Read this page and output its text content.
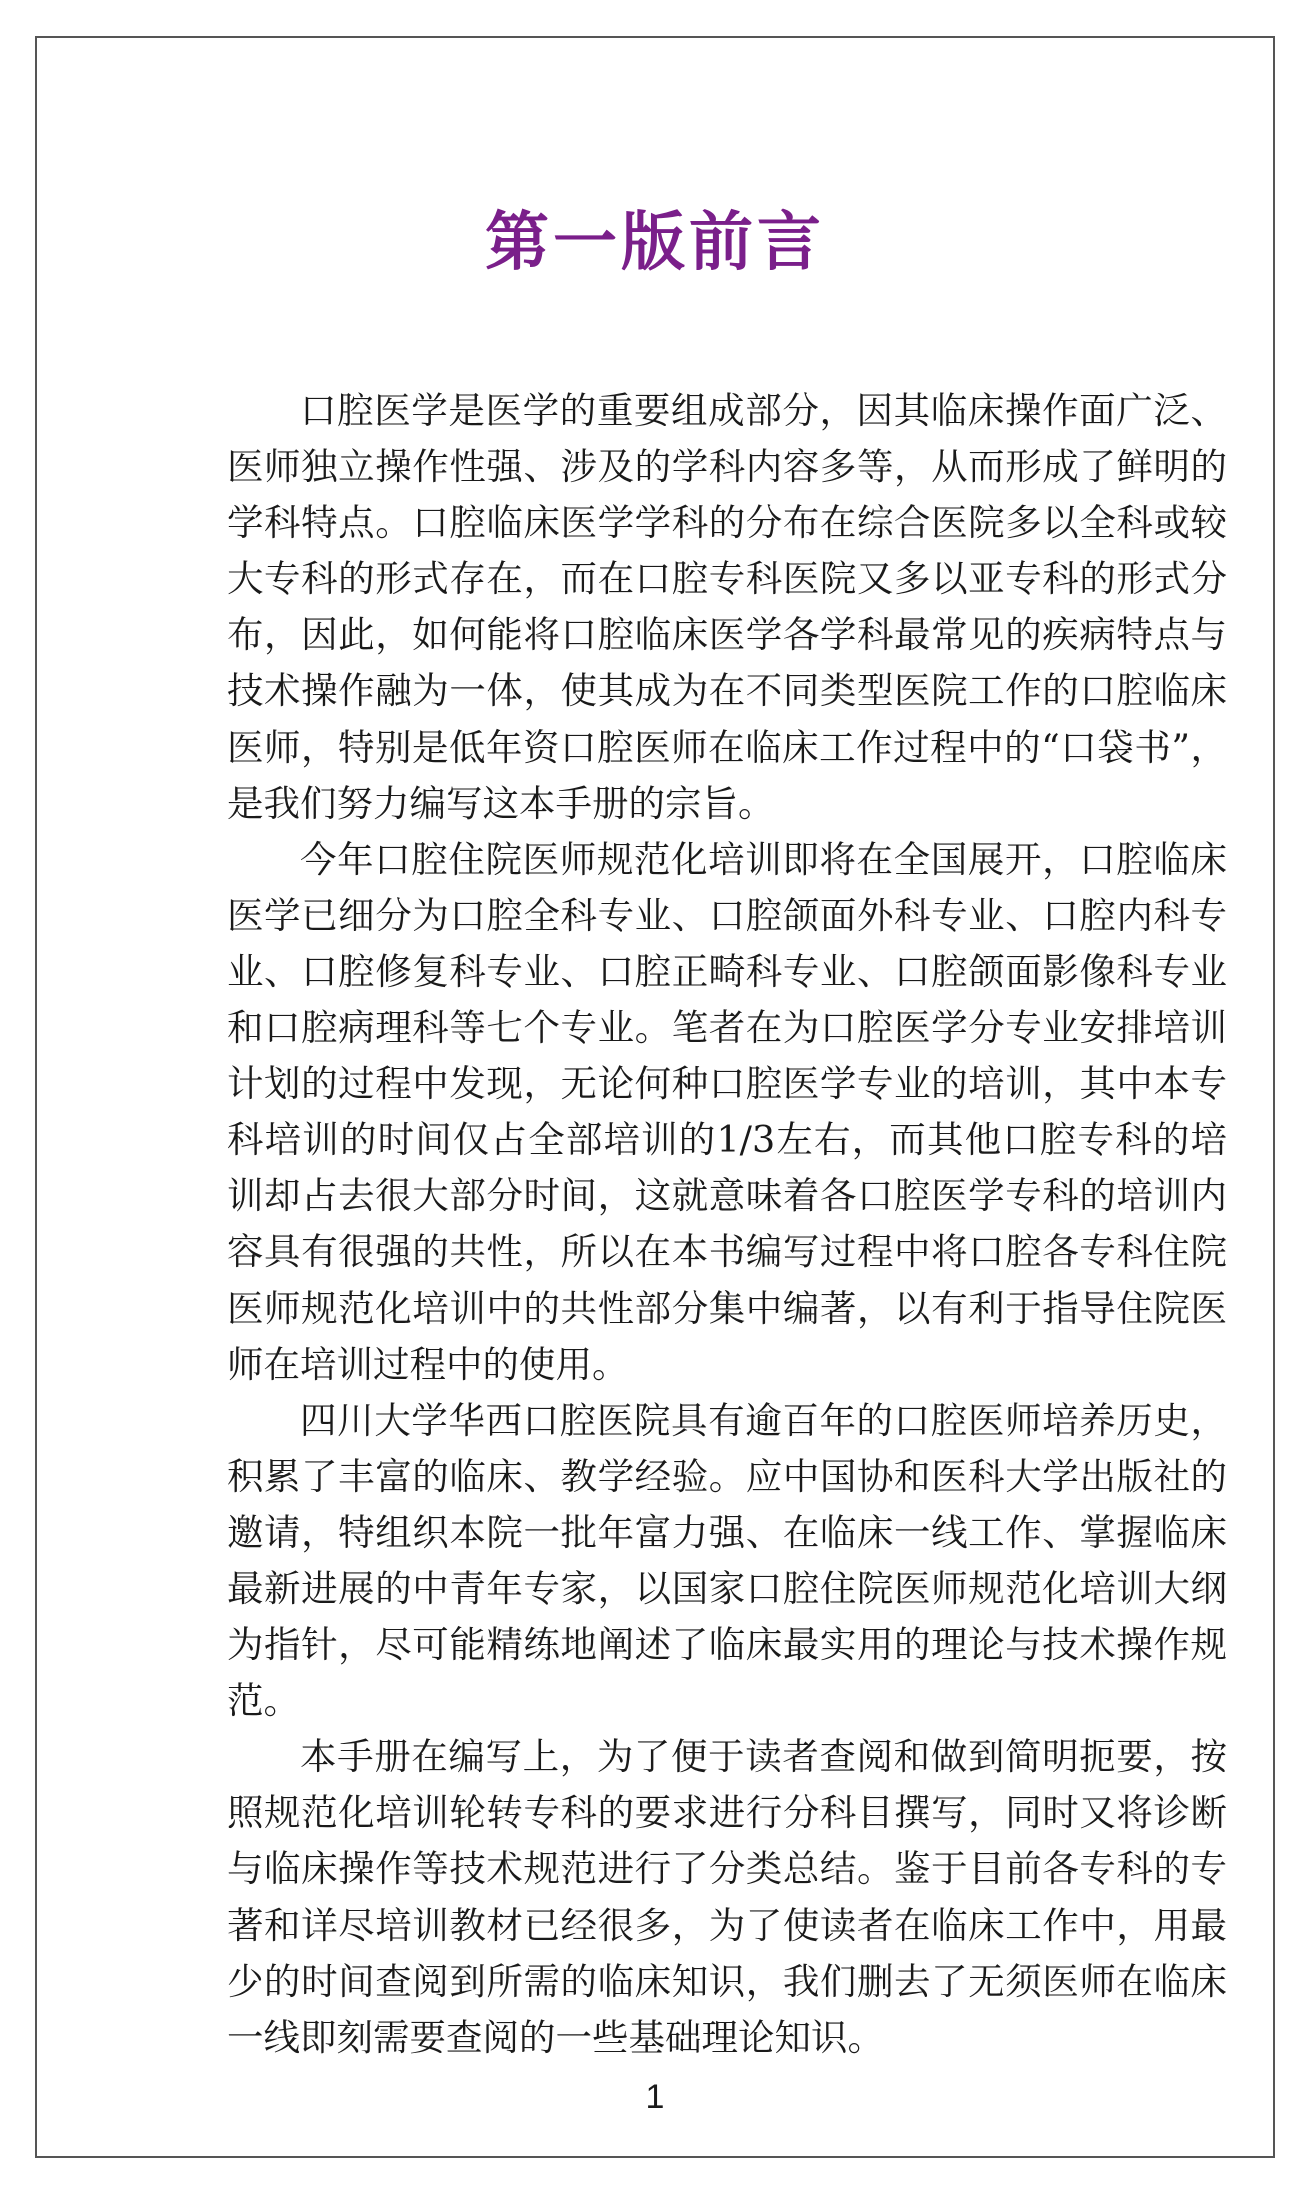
第一版前言

口腔医学是医学的重要组成部分，因其临床操作面广泛、医师独立操作性强、涉及的学科内容多等，从而形成了鲜明的学科特点。口腔临床医学学科的分布在综合医院多以全科或较大专科的形式存在，而在口腔专科医院又多以亚专科的形式分布，因此，如何能将口腔临床医学各学科最常见的疾病特点与技术操作融为一体，使其成为在不同类型医院工作的口腔临床医师，特别是低年资口腔医师在临床工作过程中的“口袋书”，是我们努力编写这本手册的宗旨。

今年口腔住院医师规范化培训即将在全国展开，口腔临床医学已细分为口腔全科专业、口腔颌面外科专业、口腔内科专业、口腔修复科专业、口腔正畸科专业、口腔颌面影像科专业和口腔病理科等七个专业。笔者在为口腔医学分专业安排培训计划的过程中发现，无论何种口腔医学专业的培训，其中本专科培训的时间仅占全部培训的1/3左右，而其他口腔专科的培训却占去很大部分时间，这就意味着各口腔医学专科的培训内容具有很强的共性，所以在本书编写过程中将口腔各专科住院医师规范化培训中的共性部分集中编著，以有利于指导住院医师在培训过程中的使用。

四川大学华西口腔医院具有逾百年的口腔医师培养历史，积累了丰富的临床、教学经验。应中国协和医科大学出版社的邀请，特组织本院一批年富力强、在临床一线工作、掌握临床最新进展的中青年专家，以国家口腔住院医师规范化培训大纲为指针，尽可能精练地阐述了临床最实用的理论与技术操作规范。

本手册在编写上，为了便于读者查阅和做到简明扼要，按照规范化培训轮转专科的要求进行分科目撰写，同时又将诊断与临床操作等技术规范进行了分类总结。鉴于目前各专科的专著和详尽培训教材已经很多，为了使读者在临床工作中，用最少的时间查阅到所需的临床知识，我们删去了无须医师在临床一线即刻需要查阅的一些基础理论知识。

1
